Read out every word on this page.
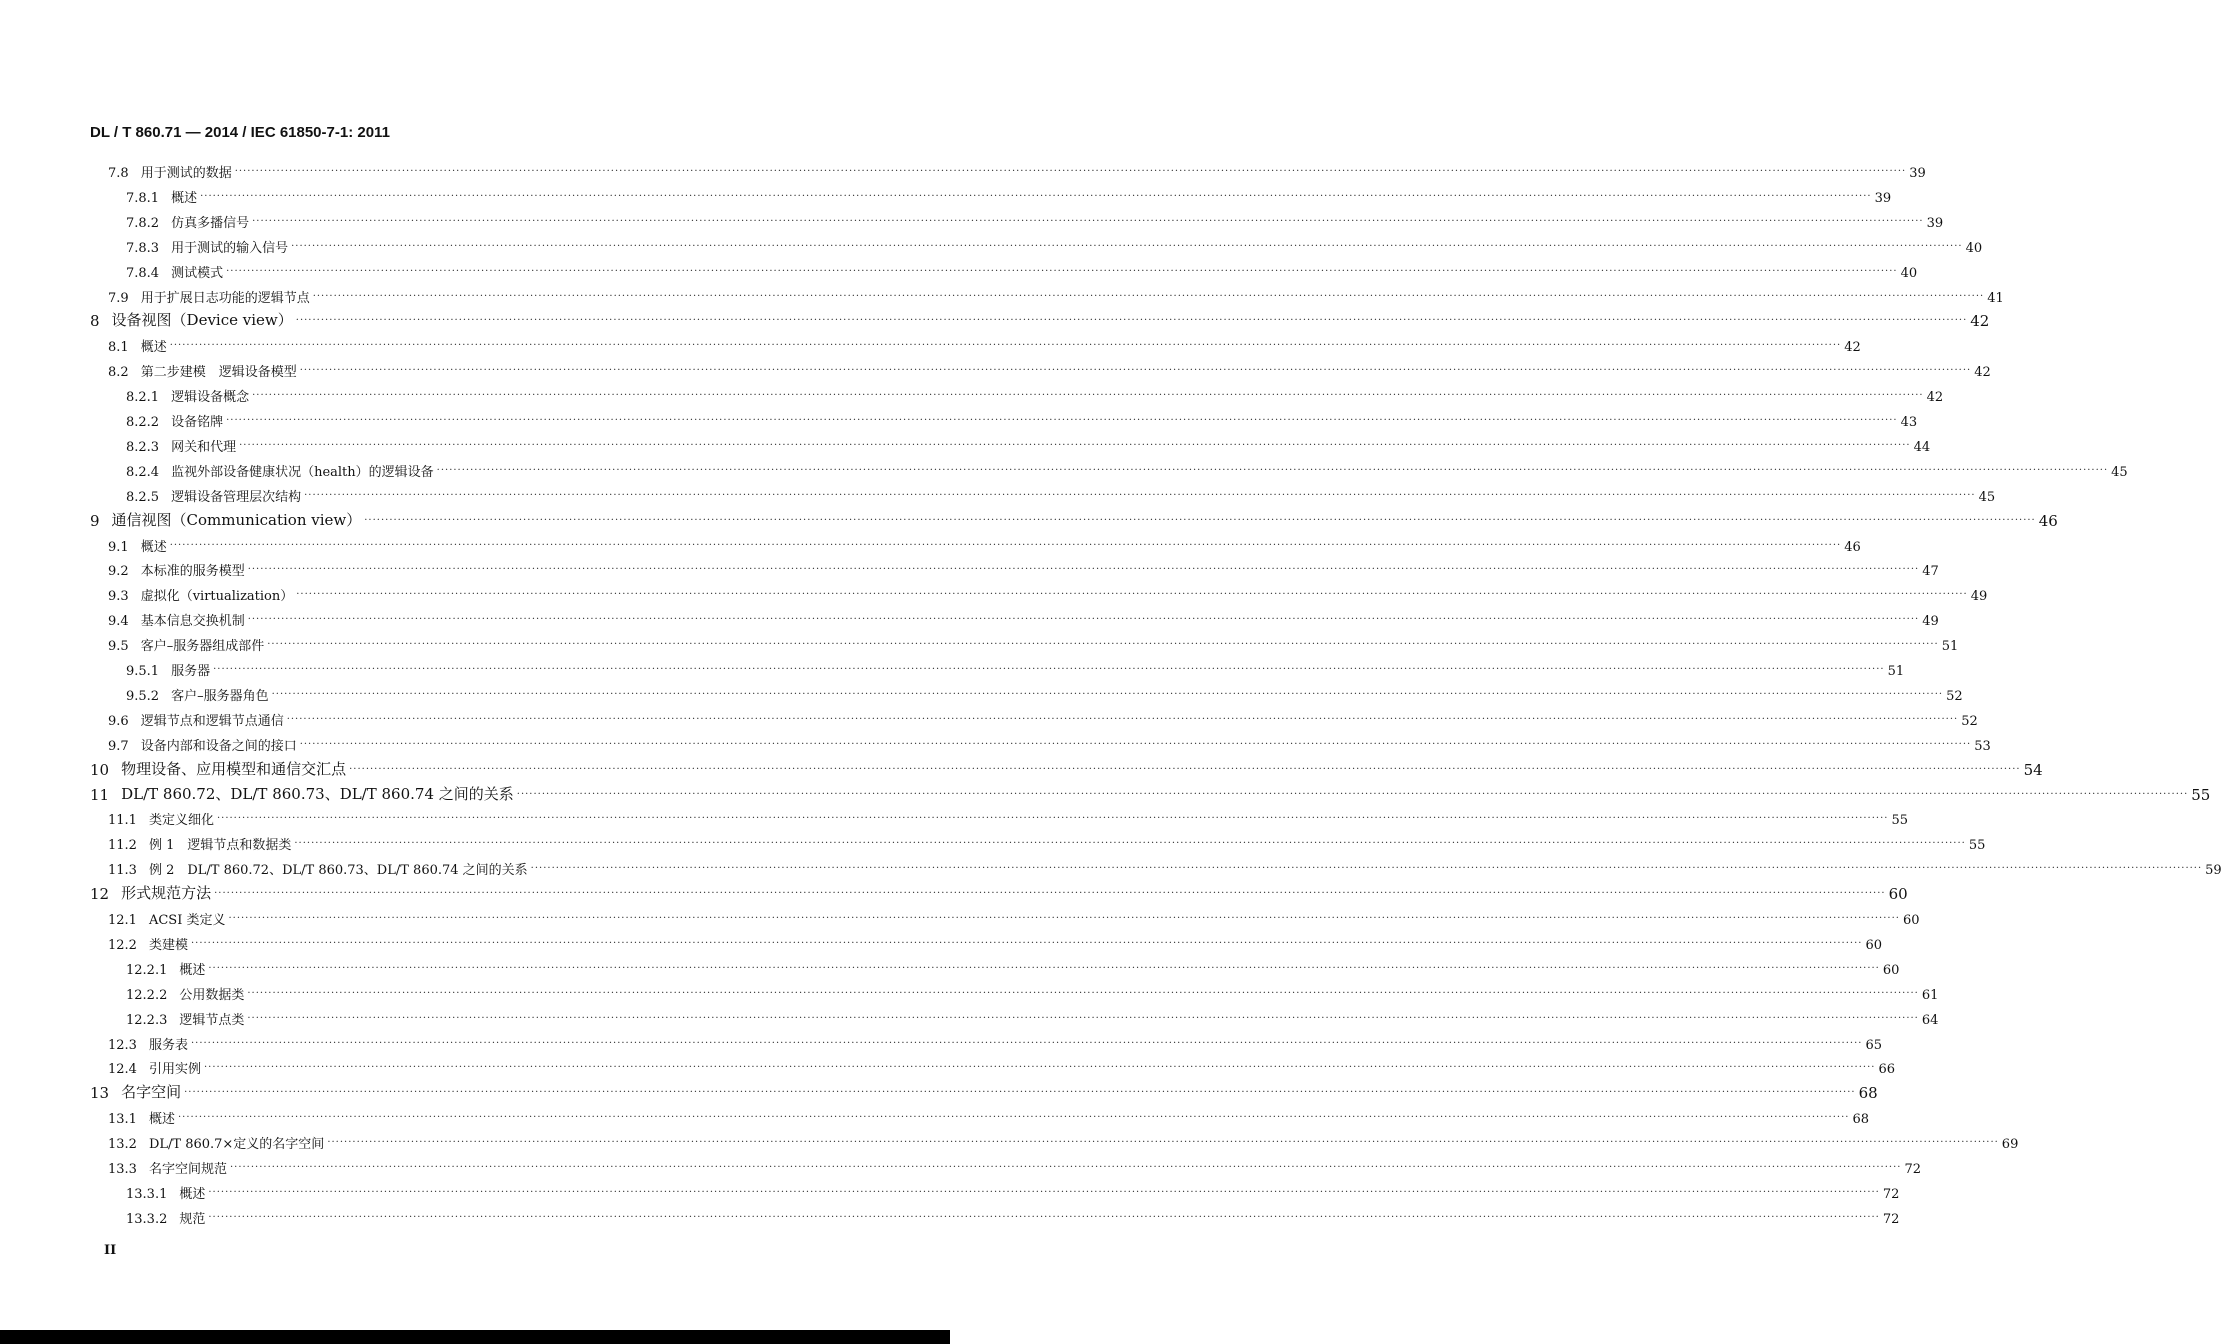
DL / T 860.71 — 2014 / IEC 61850-7-1: 2011
7.8 用于测试的数据 ················································································································································································································································································································································································································ 39
7.8.1 概述 ················································································································································································································································································································································································································ 39
7.8.2 仿真多播信号 ················································································································································································································································································································································································································ 39
7.8.3 用于测试的输入信号 ················································································································································································································································································································································································································ 40
7.8.4 测试模式 ················································································································································································································································································································································································································ 40
7.9 用于扩展日志功能的逻辑节点 ················································································································································································································································································································································································································ 41
8 设备视图（Device view） ················································································································································································································································································································································································································ 42
8.1 概述 ················································································································································································································································································································································································································ 42
8.2 第二步建模　逻辑设备模型 ················································································································································································································································································································································································································ 42
8.2.1 逻辑设备概念 ················································································································································································································································································································································································································ 42
8.2.2 设备铭牌 ················································································································································································································································································································································································································ 43
8.2.3 网关和代理 ················································································································································································································································································································································································································ 44
8.2.4 监视外部设备健康状况（health）的逻辑设备 ················································································································································································································································································································································································································ 45
8.2.5 逻辑设备管理层次结构 ················································································································································································································································································································································································································ 45
9 通信视图（Communication view） ················································································································································································································································································································································································································ 46
9.1 概述 ················································································································································································································································································································································································································ 46
9.2 本标准的服务模型 ················································································································································································································································································································································································································ 47
9.3 虚拟化（virtualization） ················································································································································································································································································································································································································ 49
9.4 基本信息交换机制 ················································································································································································································································································································································································································ 49
9.5 客户–服务器组成部件 ················································································································································································································································································································································································································ 51
9.5.1 服务器 ················································································································································································································································································································································································································ 51
9.5.2 客户–服务器角色 ················································································································································································································································································································································································································ 52
9.6 逻辑节点和逻辑节点通信 ················································································································································································································································································································································································································ 52
9.7 设备内部和设备之间的接口 ················································································································································································································································································································································································································ 53
10 物理设备、应用模型和通信交汇点 ················································································································································································································································································································································································································ 54
11 DL/T 860.72、DL/T 860.73、DL/T 860.74 之间的关系 ················································································································································································································································································································································································································ 55
11.1 类定义细化 ················································································································································································································································································································································································································ 55
11.2 例 1　逻辑节点和数据类 ················································································································································································································································································································································································································ 55
11.3 例 2　DL/T 860.72、DL/T 860.73、DL/T 860.74 之间的关系 ················································································································································································································································································································································································································ 59
12 形式规范方法 ················································································································································································································································································································································································································ 60
12.1 ACSI 类定义 ················································································································································································································································································································································································································ 60
12.2 类建模 ················································································································································································································································································································································································································ 60
12.2.1 概述 ················································································································································································································································································································································································································ 60
12.2.2 公用数据类 ················································································································································································································································································································································································································ 61
12.2.3 逻辑节点类 ················································································································································································································································································································································································································ 64
12.3 服务表 ················································································································································································································································································································································································································ 65
12.4 引用实例 ················································································································································································································································································································································································································ 66
13 名字空间 ················································································································································································································································································································································································································ 68
13.1 概述 ················································································································································································································································································································································································································ 68
13.2 DL/T 860.7×定义的名字空间 ················································································································································································································································································································································································································ 69
13.3 名字空间规范 ················································································································································································································································································································································································································ 72
13.3.1 概述 ················································································································································································································································································································································································································ 72
13.3.2 规范 ················································································································································································································································································································································································································ 72
II
